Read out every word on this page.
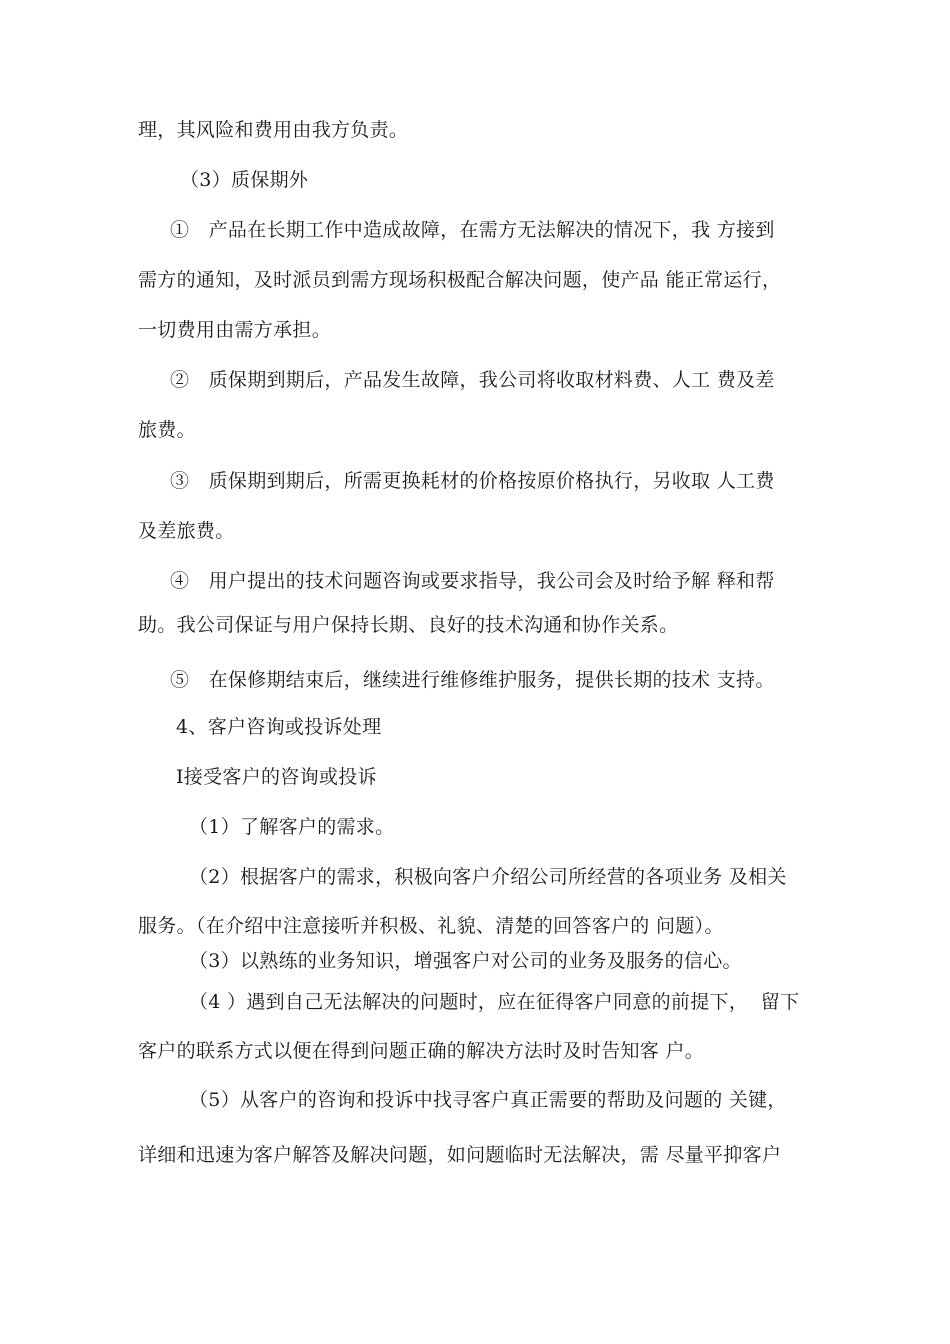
理，其风险和费用由我方负责。
（3）质保期外
①　产品在长期工作中造成故障，在需方无法解决的情况下，我 方接到
需方的通知，及时派员到需方现场积极配合解决问题，使产品 能正常运行，
一切费用由需方承担。
②　质保期到期后，产品发生故障，我公司将收取材料费、人工 费及差
旅费。
③　质保期到期后，所需更换耗材的价格按原价格执行，另收取 人工费
及差旅费。
④　用户提出的技术问题咨询或要求指导，我公司会及时给予解 释和帮
助。我公司保证与用户保持长期、良好的技术沟通和协作关系。
⑤　在保修期结束后，继续进行维修维护服务，提供长期的技术 支持。
4、客户咨询或投诉处理
Ⅰ接受客户的咨询或投诉
（1）了解客户的需求。
（2）根据客户的需求，积极向客户介绍公司所经营的各项业务 及相关
服务。（在介绍中注意接听并积极、礼貌、清楚的回答客户的 问题）。
（3）以熟练的业务知识，增强客户对公司的业务及服务的信心。
（4 ）遇到自己无法解决的问题时，应在征得客户同意的前提下，  留下
客户的联系方式以便在得到问题正确的解决方法时及时告知客 户。
（5）从客户的咨询和投诉中找寻客户真正需要的帮助及问题的 关键，
详细和迅速为客户解答及解决问题，如问题临时无法解决，需 尽量平抑客户
